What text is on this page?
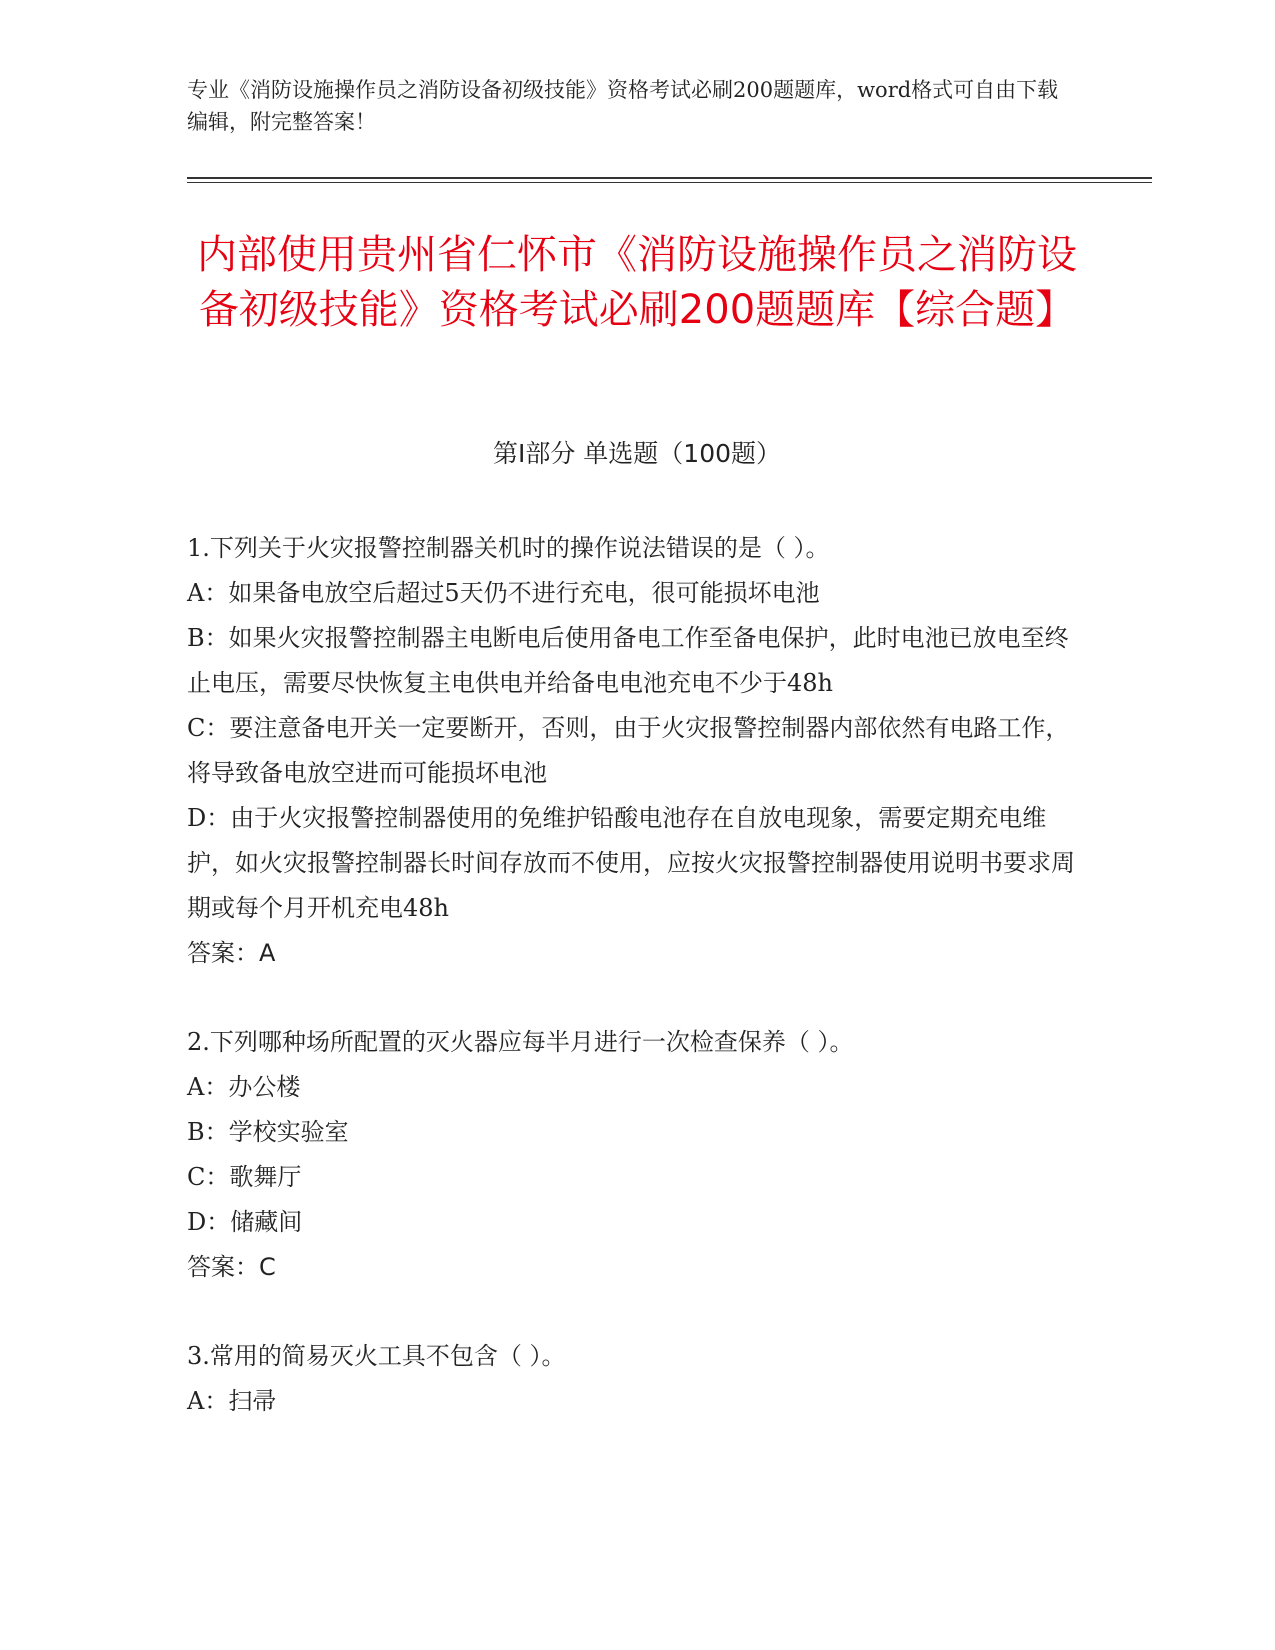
专业《消防设施操作员之消防设备初级技能》资格考试必刷200题题库，word格式可自由下载编辑，附完整答案！
内部使用贵州省仁怀市《消防设施操作员之消防设备初级技能》资格考试必刷200题题库【综合题】
第Ⅰ部分 单选题（100题）

1.下列关于火灾报警控制器关机时的操作说法错误的是（ ）。

A：如果备电放空后超过5天仍不进行充电，很可能损坏电池

B：如果火灾报警控制器主电断电后使用备电工作至备电保护，此时电池已放电至终止电压，需要尽快恢复主电供电并给备电电池充电不少于48h

C：要注意备电开关一定要断开，否则，由于火灾报警控制器内部依然有电路工作，将导致备电放空进而可能损坏电池

D：由于火灾报警控制器使用的免维护铅酸电池存在自放电现象，需要定期充电维护，如火灾报警控制器长时间存放而不使用，应按火灾报警控制器使用说明书要求周期或每个月开机充电48h

答案：A

2.下列哪种场所配置的灭火器应每半月进行一次检查保养（ ）。

A：办公楼

B：学校实验室

C：歌舞厅

D：储藏间

答案：C

3.常用的简易灭火工具不包含（ ）。

A：扫帚
